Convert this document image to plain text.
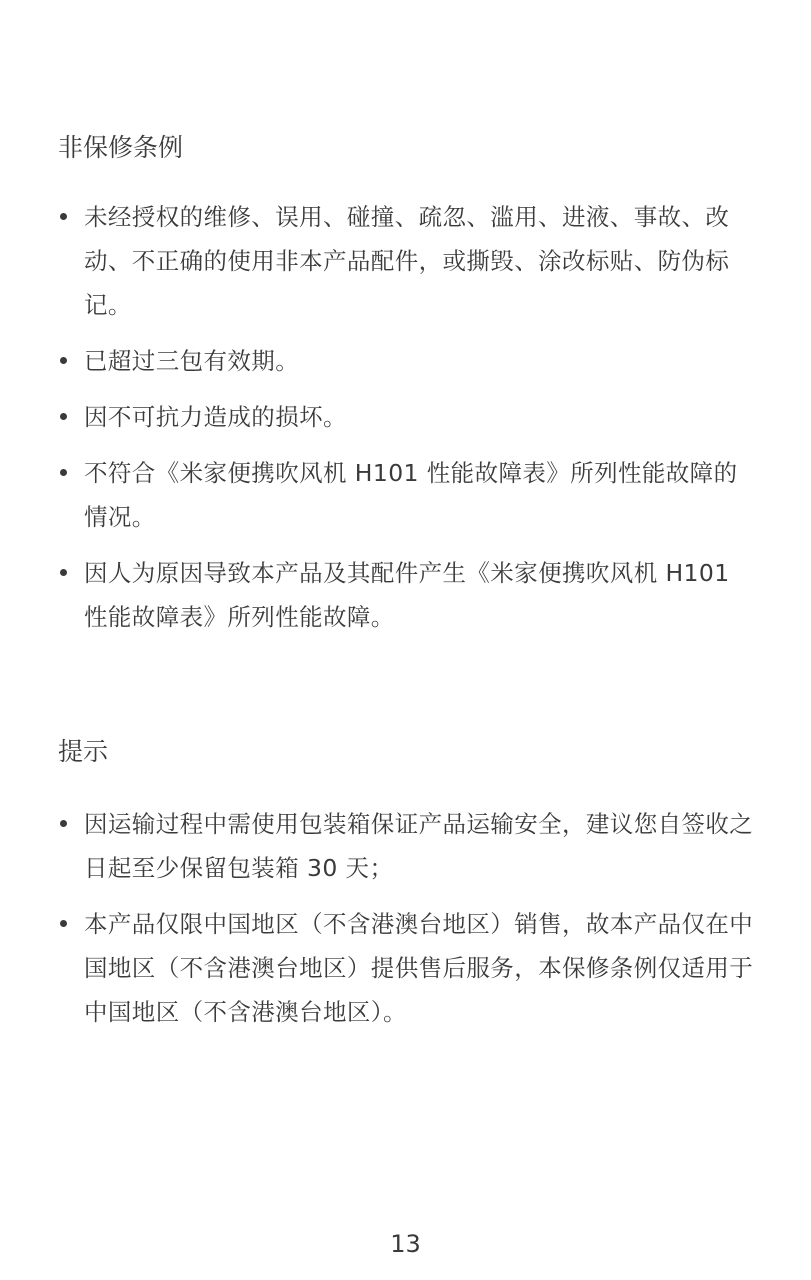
非保修条例
未经授权的维修、误用、碰撞、疏忽、滥用、进液、事故、改动、不正确的使用非本产品配件，或撕毁、涂改标贴、防伪标记。
已超过三包有效期。
因不可抗力造成的损坏。
不符合《米家便携吹风机 H101 性能故障表》所列性能故障的情况。
因人为原因导致本产品及其配件产生《米家便携吹风机 H101 性能故障表》所列性能故障。
提示
因运输过程中需使用包装箱保证产品运输安全，建议您自签收之日起至少保留包装箱 30 天；
本产品仅限中国地区（不含港澳台地区）销售，故本产品仅在中国地区（不含港澳台地区）提供售后服务，本保修条例仅适用于中国地区（不含港澳台地区）。
13
